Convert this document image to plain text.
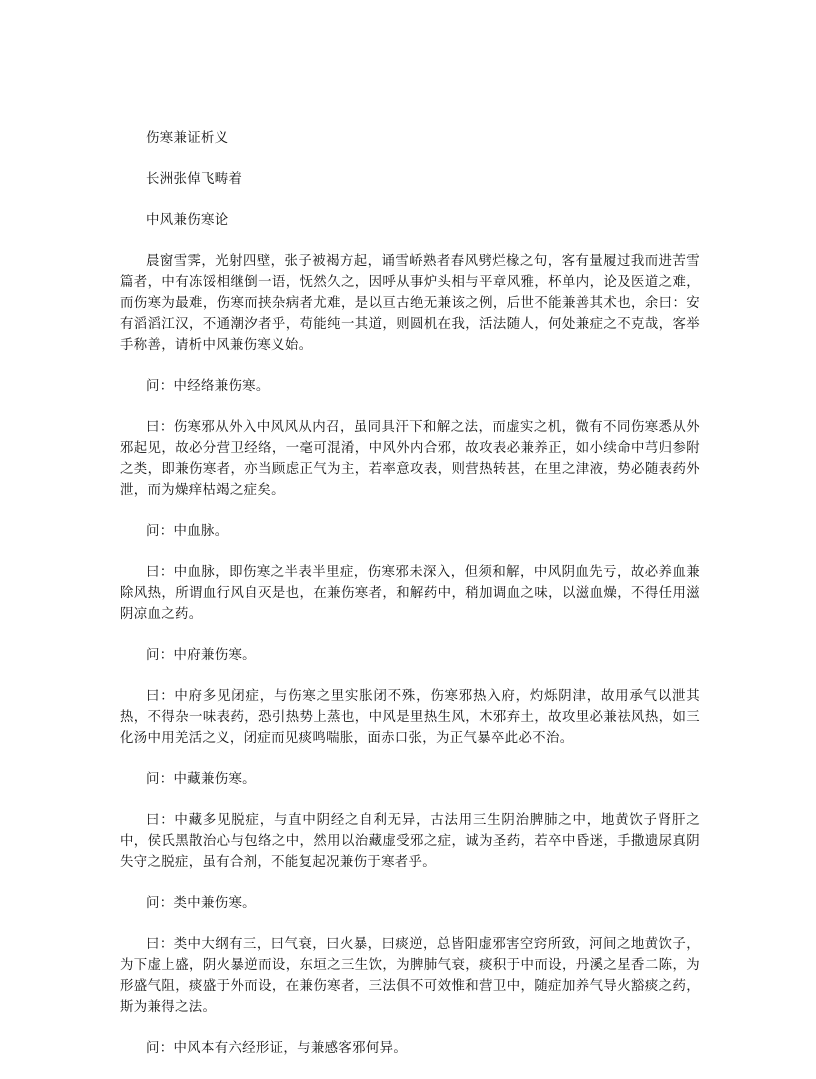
伤寒兼证析义
长洲张倬飞畴着
中风兼伤寒论
晨窗雪霁，光射四壁，张子被褐方起，诵雪峤熟者春风劈烂椽之句，客有量履过我而进苦雪篇者，中有冻馁相继倒一语，怃然久之，因呼从事炉头相与平章风雅，杯单内，论及医道之难，而伤寒为最难，伤寒而挟杂病者尤难，是以亘古绝无兼该之例，后世不能兼善其术也，余曰：安有滔滔江汉，不通潮汐者乎，苟能纯一其道，则圆机在我，活法随人，何处兼症之不克哉，客举手称善，请析中风兼伤寒义始。
问：中经络兼伤寒。
曰：伤寒邪从外入中风风从内召，虽同具汗下和解之法，而虚实之机，微有不同伤寒悉从外邪起见，故必分营卫经络，一毫可混淆，中风外内合邪，故攻表必兼养正，如小续命中芎归参附之类，即兼伤寒者，亦当顾虑正气为主，若率意攻表，则营热转甚，在里之津液，势必随表药外泄，而为燥痒枯竭之症矣。
问：中血脉。
曰：中血脉，即伤寒之半表半里症，伤寒邪未深入，但须和解，中风阴血先亏，故必养血兼除风热，所谓血行风自灭是也，在兼伤寒者，和解药中，稍加调血之味，以滋血燥，不得任用滋阴凉血之药。
问：中府兼伤寒。
曰：中府多见闭症，与伤寒之里实胀闭不殊，伤寒邪热入府，灼烁阴津，故用承气以泄其热，不得杂一味表药，恐引热势上蒸也，中风是里热生风，木邪弃土，故攻里必兼祛风热，如三化汤中用羌活之义，闭症而见痰鸣喘胀，面赤口张，为正气暴卒此必不治。
问：中藏兼伤寒。
曰：中藏多见脱症，与直中阴经之自利无异，古法用三生阴治脾肺之中，地黄饮子肾肝之中，侯氏黑散治心与包络之中，然用以治藏虚受邪之症，诚为圣药，若卒中昏迷，手撒遗尿真阴失守之脱症，虽有合剂，不能复起况兼伤于寒者乎。
问：类中兼伤寒。
曰：类中大纲有三，曰气衰，曰火暴，曰痰逆，总皆阳虚邪害空窍所致，河间之地黄饮子，为下虚上盛，阴火暴逆而设，东垣之三生饮，为脾肺气衰，痰积于中而设，丹溪之星香二陈，为形盛气阻，痰盛于外而设，在兼伤寒者，三法俱不可效惟和营卫中，随症加养气导火豁痰之药，斯为兼得之法。
问：中风本有六经形证，与兼感客邪何异。
